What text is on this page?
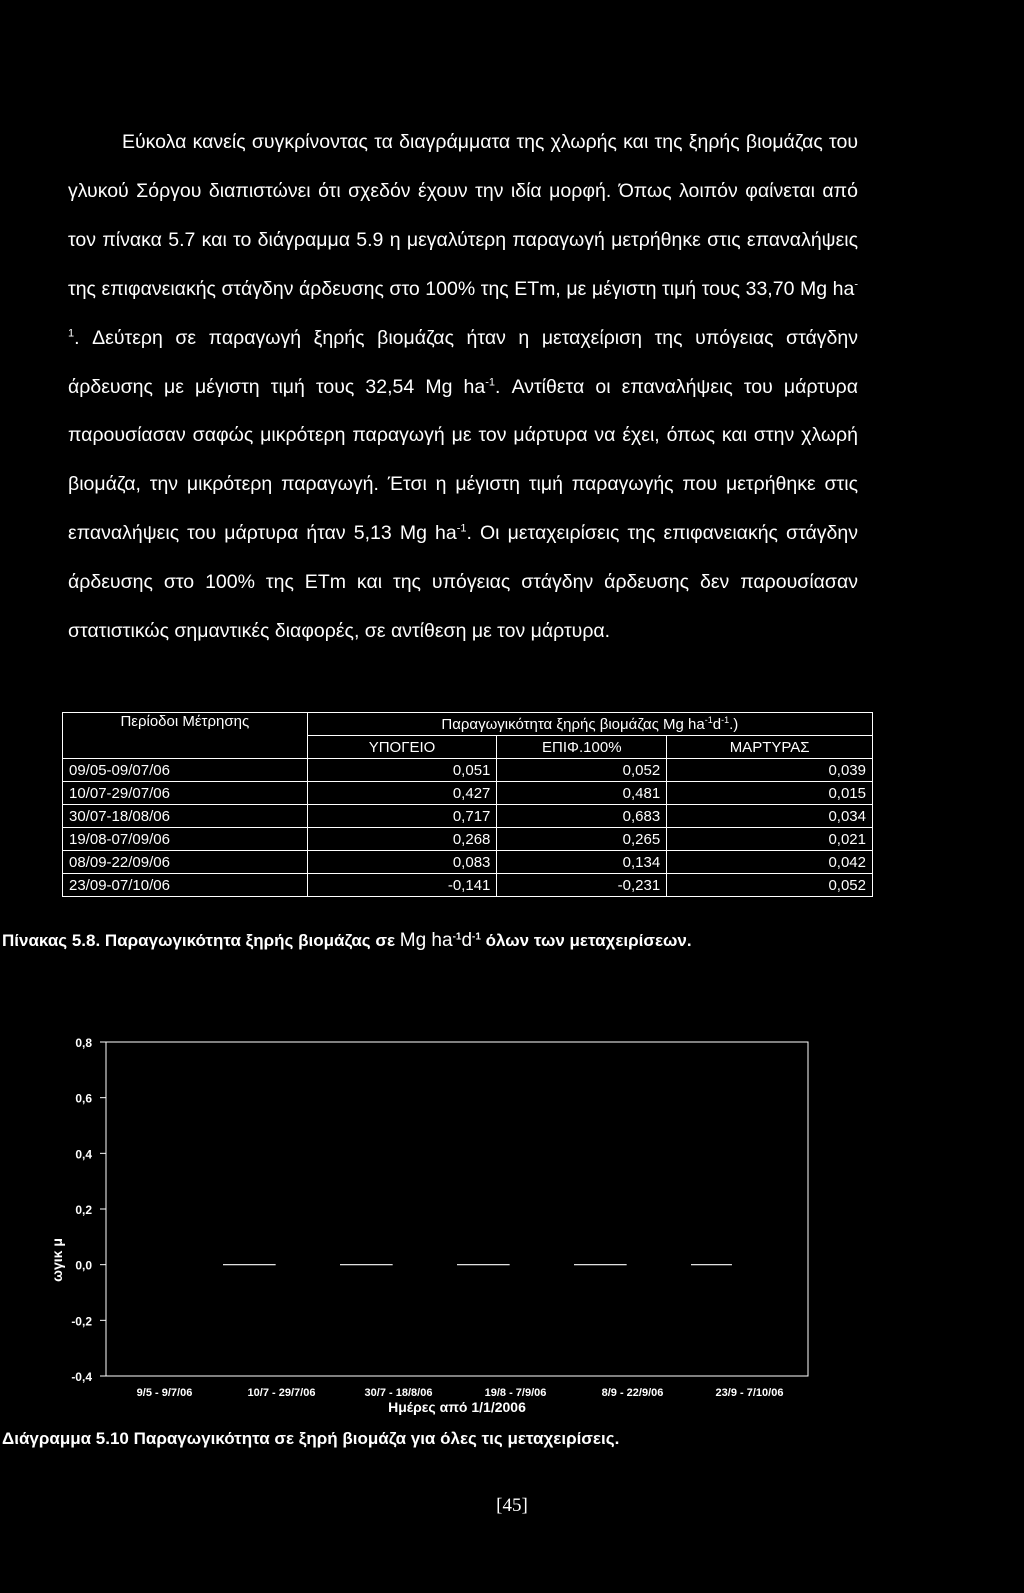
Εύκολα κανείς συγκρίνοντας τα διαγράμματα της χλωρής και της ξηρής βιομάζας του γλυκού Σόργου διαπιστώνει ότι σχεδόν έχουν την ιδία μορφή. Όπως λοιπόν φαίνεται από τον πίνακα 5.7 και το διάγραμμα 5.9 η μεγαλύτερη παραγωγή μετρήθηκε στις επαναλήψεις της επιφανειακής στάγδην άρδευσης στο 100% της ETm, με μέγιστη τιμή τους 33,70 Mg $ha^{-1}$. Δεύτερη σε παραγωγή ξηρής βιομάζας ήταν η μεταχείριση της υπόγειας στάγδην άρδευσης με μέγιστη τιμή τους 32,54 Mg $ha^{-1}$. Αντίθετα οι επαναλήψεις του μάρτυρα παρουσίασαν σαφώς μικρότερη παραγωγή με τον μάρτυρα να έχει, όπως και στην χλωρή βιομάζα, την μικρότερη παραγωγή. Έτσι η μέγιστη τιμή παραγωγής που μετρήθηκε στις επαναλήψεις του μάρτυρα ήταν 5,13 Mg $ha^{-1}$. Οι μεταχειρίσεις της επιφανειακής στάγδην άρδευσης στο 100% της ETm και της υπόγειας στάγδην άρδευσης δεν παρουσίασαν στατιστικώς σημαντικές διαφορές, σε αντίθεση με τον μάρτυρα.

Περίοδοι Μέτρησης	Παραγωγικότητα ξηρής βιομάζας Mg $ha^{-1}d^{-1}$.)		
	ΥΠΟΓΕΙΟ	ΕΠΙΦ.100%	ΜΑΡΤΥΡΑΣ
09/05-09/07/06	0,051	0,052	0,039
10/07-29/07/06	0,427	0,481	0,015
30/07-18/08/06	0,717	0,683	0,034
19/08-07/09/06	0,268	0,265	0,021
08/09-22/09/06	0,083	0,134	0,042
23/09-07/10/06	-0,141	-0,231	0,052
Πίνακας 5.8. Παραγωγικότητα ξηρής βιομάζας σε Mg $ha^{-1}d^{-1}$ όλων των μεταχειρίσεων.
0,8
0,6
0,4
0,2
0,0
-0,2
-0,4
9/5 - 9/7/06	10/7 - 29/7/06	30/7 - 18/8/06	19/8 - 7/9/06	8/9 - 22/9/06	23/9 - 7/10/06
ωγικ μ
Ημέρες από 1/1/2006
Διάγραμμα 5.10 Παραγωγικότητα σε ξηρή βιομάζα για όλες τις μεταχειρίσεις.
[45]
